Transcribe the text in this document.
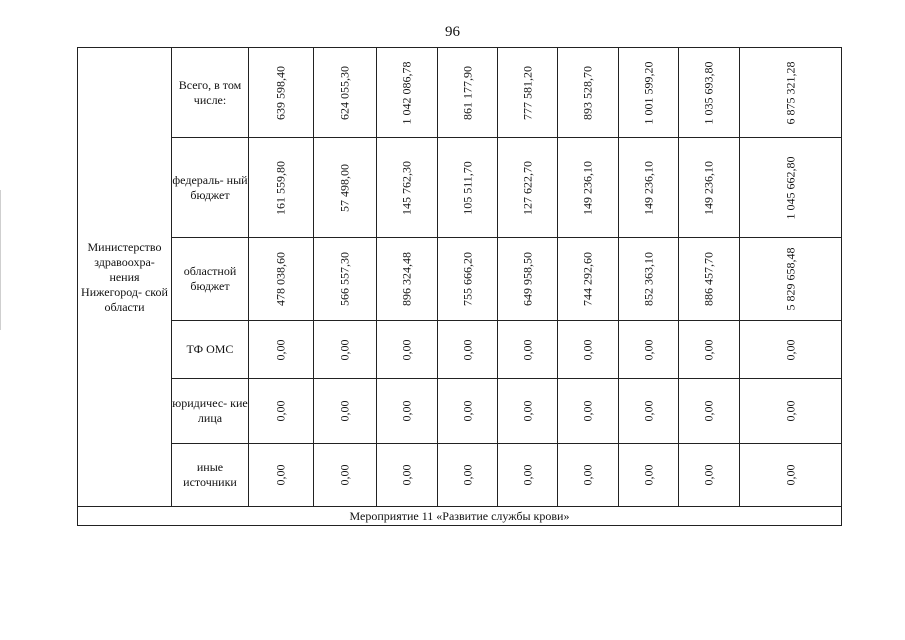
96
Министерство здравоохра- нения Нижегород- ской области	Всего, в том числе:	639 598,40	624 055,30	1 042 086,78	861 177,90	777 581,20	893 528,70	1 001 599,20	1 035 693,80	6 875 321,28

	федераль- ный бюджет	161 559,80	57 498,00	145 762,30	105 511,70	127 622,70	149 236,10	149 236,10	149 236,10	1 045 662,80

	областной бюджет	478 038,60	566 557,30	896 324,48	755 666,20	649 958,50	744 292,60	852 363,10	886 457,70	5 829 658,48

	ТФ ОМС	0,00	0,00	0,00	0,00	0,00	0,00	0,00	0,00	0,00

	юридичес- кие лица	0,00	0,00	0,00	0,00	0,00	0,00	0,00	0,00	0,00

	иные источники	0,00	0,00	0,00	0,00	0,00	0,00	0,00	0,00	0,00

Мероприятие 11 «Развитие службы крови»										
